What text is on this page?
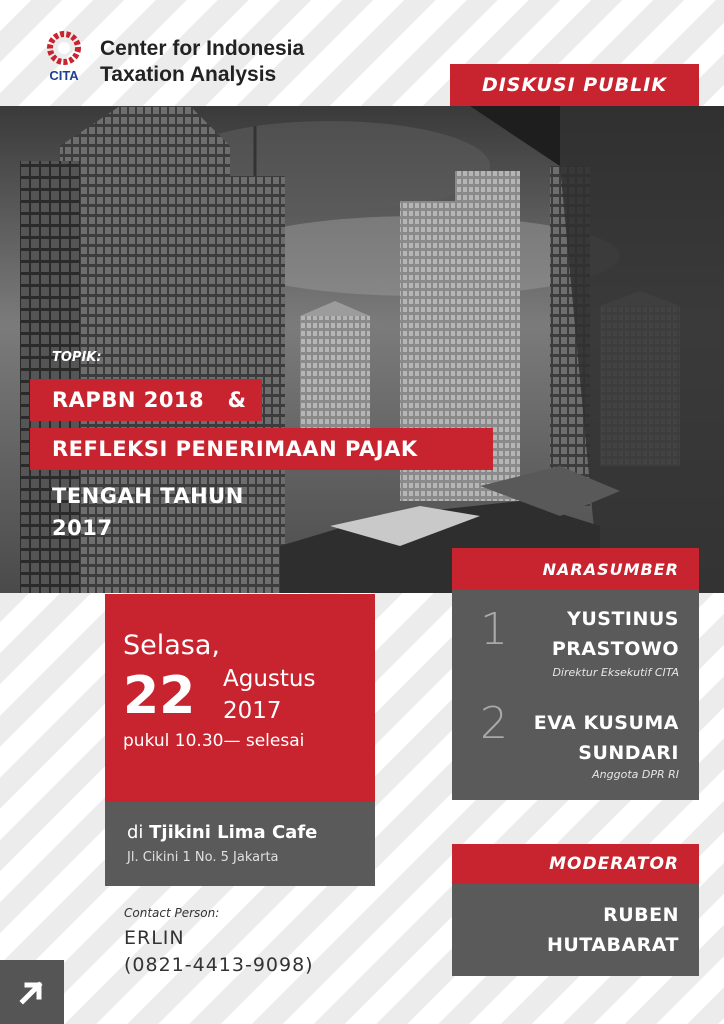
CITA
Center for Indonesia
Taxation Analysis	DISKUSI PUBLIK
TOPIK:
RAPBN 2018   &
REFLEKSI PENERIMAAN PAJAK
TENGAH TAHUN
2017
Selasa,
22 Agustus
2017
pukul 10.30— selesai
di Tjikini Lima Cafe
Jl. Cikini 1 No. 5 Jakarta
Contact Person:
ERLIN
(0821-4413-9098)
NARASUMBER
1	YUSTINUS
PRASTOWO
Direktur Eksekutif CITA
2 EVA KUSUMA
SUNDARI
Anggota DPR RI
MODERATOR
RUBEN
HUTABARAT
